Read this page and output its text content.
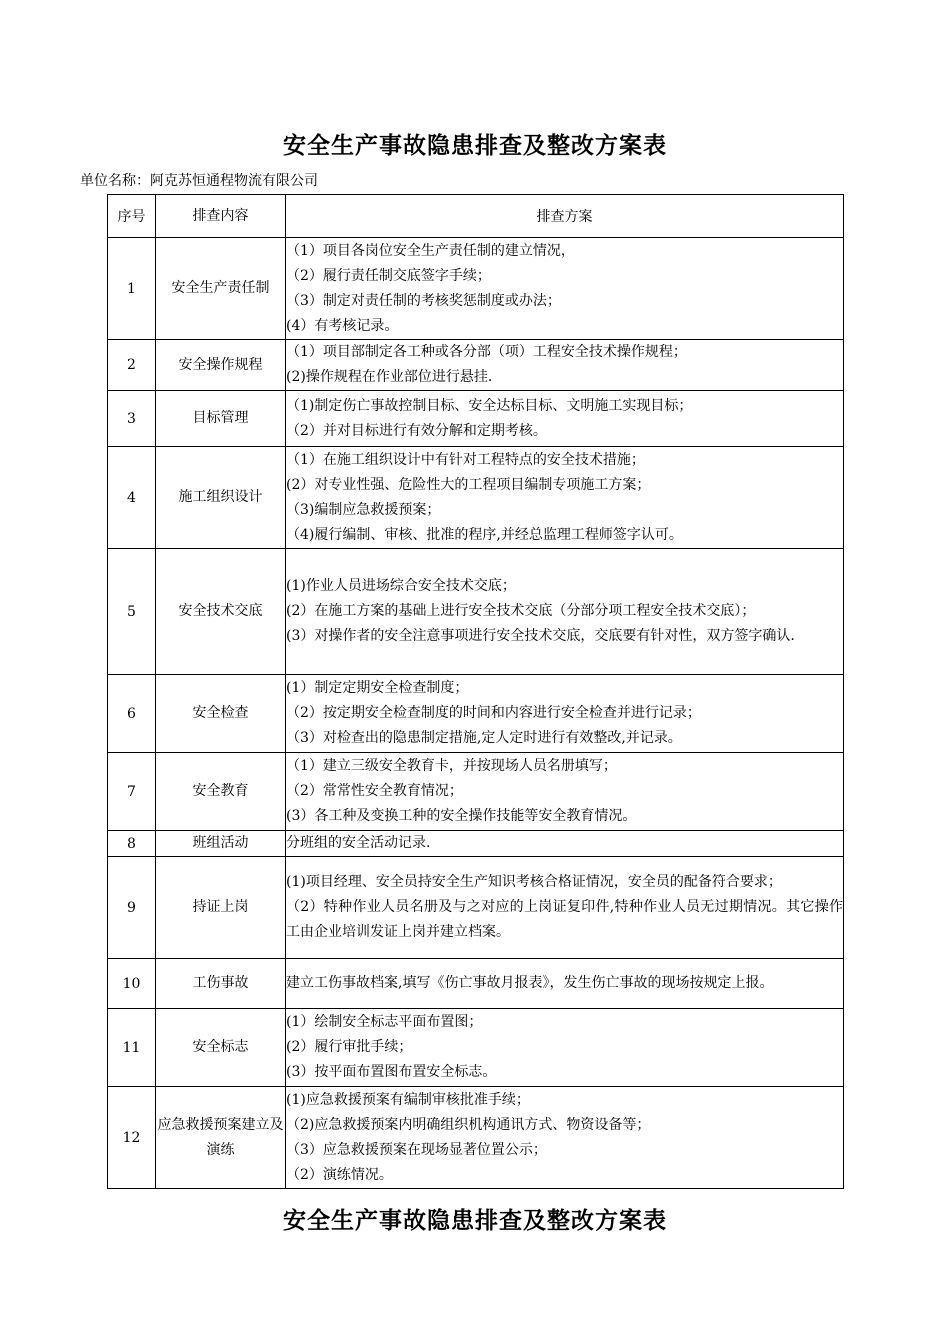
安全生产事故隐患排查及整改方案表
单位名称：阿克苏恒通程物流有限公司
序号	排查内容	排查方案
1	安全生产责任制	（1）项目各岗位安全生产责任制的建立情况，
（2）履行责任制交底签字手续；
（3）制定对责任制的考核奖惩制度或办法；
(4）有考核记录。

2	安全操作规程	（1）项目部制定各工种或各分部（项）工程安全技术操作规程；
(2)操作规程在作业部位进行悬挂.

3	目标管理	（1)制定伤亡事故控制目标、安全达标目标、文明施工实现目标；
（2）并对目标进行有效分解和定期考核。

4	施工组织设计	（1）在施工组织设计中有针对工程特点的安全技术措施；
(2）对专业性强、危险性大的工程项目编制专项施工方案；
（3)编制应急救援预案；
（4)履行编制、审核、批准的程序,并经总监理工程师签字认可。

5	安全技术交底	(1)作业人员进场综合安全技术交底；
(2）在施工方案的基础上进行安全技术交底（分部分项工程安全技术交底）；
(3）对操作者的安全注意事项进行安全技术交底，交底要有针对性，双方签字确认.

6	安全检查	(1）制定定期安全检查制度；
（2）按定期安全检查制度的时间和内容进行安全检查并进行记录；
（3）对检查出的隐患制定措施,定人定时进行有效整改,并记录。

7	安全教育	（1）建立三级安全教育卡，并按现场人员名册填写；
（2）常常性安全教育情况；
(3）各工种及变换工种的安全操作技能等安全教育情况。

8	班组活动	分班组的安全活动记录.

9	持证上岗	(1)项目经理、安全员持安全生产知识考核合格证情况，安全员的配备符合要求；
（2）特种作业人员名册及与之对应的上岗证复印件,特种作业人员无过期情况。其它操作工由企业培训发证上岗并建立档案。

10	工伤事故	建立工伤事故档案,填写《伤亡事故月报表》，发生伤亡事故的现场按规定上报。

11	安全标志	(1）绘制安全标志平面布置图；
(2）履行审批手续；
(3）按平面布置图布置安全标志。

12	应急救援预案建立及演练	(1)应急救援预案有编制审核批准手续；
（2)应急救援预案内明确组织机构通讯方式、物资设备等；
（3）应急救援预案在现场显著位置公示；
（2）演练情况。
安全生产事故隐患排查及整改方案表
